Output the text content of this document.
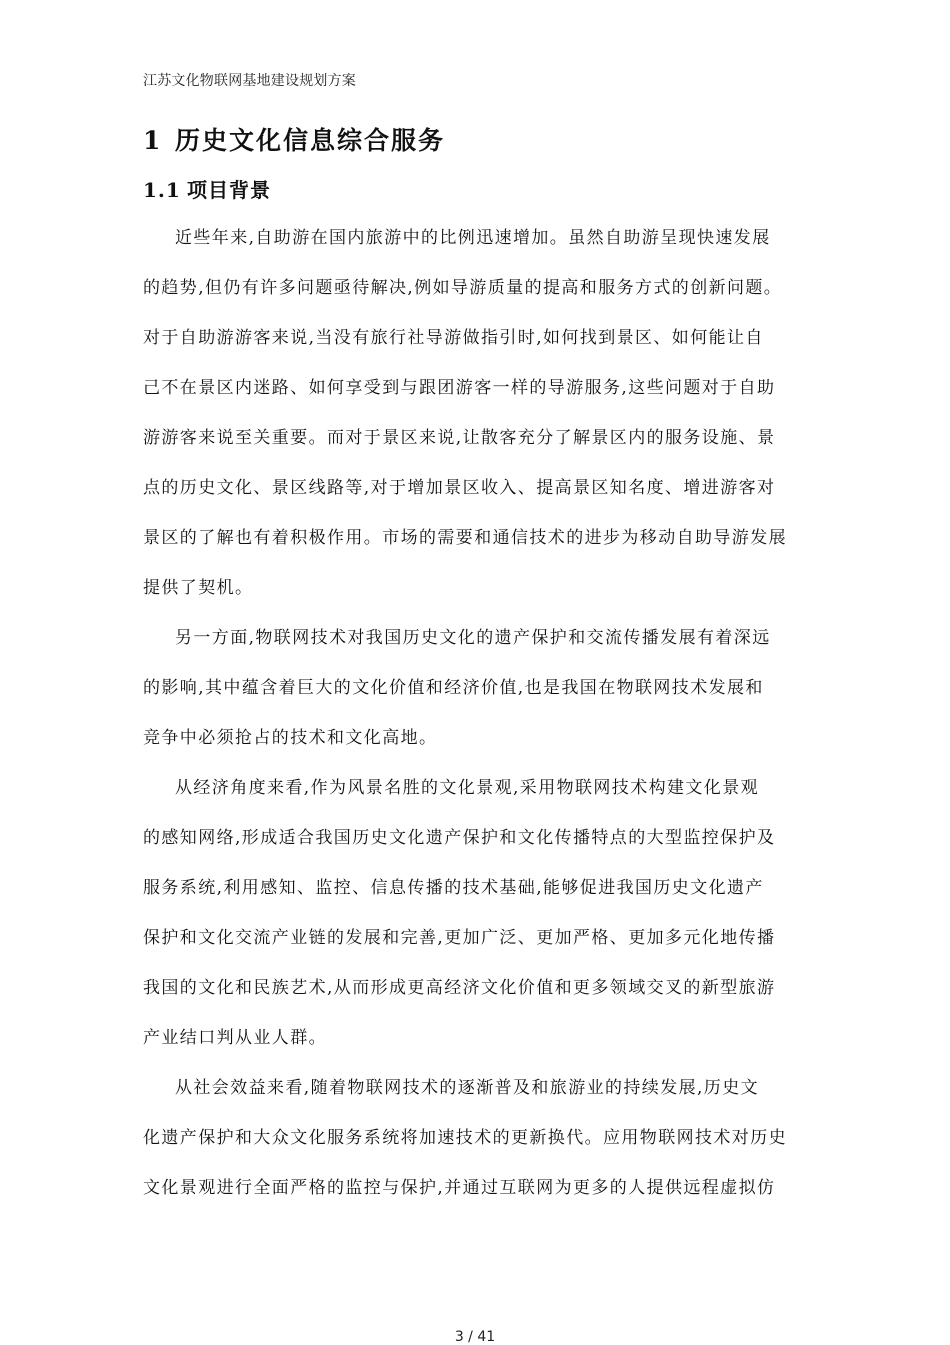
江苏文化物联网基地建设规划方案
1 历史文化信息综合服务
1.1 项目背景
近些年来,自助游在国内旅游中的比例迅速增加。虽然自助游呈现快速发展
的趋势,但仍有许多问题亟待解决,例如导游质量的提高和服务方式的创新问题。
对于自助游游客来说,当没有旅行社导游做指引时,如何找到景区、如何能让自
己不在景区内迷路、如何享受到与跟团游客一样的导游服务,这些问题对于自助
游游客来说至关重要。而对于景区来说,让散客充分了解景区内的服务设施、景
点的历史文化、景区线路等,对于增加景区收入、提高景区知名度、增进游客对
景区的了解也有着积极作用。市场的需要和通信技术的进步为移动自助导游发展
提供了契机。
另一方面,物联网技术对我国历史文化的遗产保护和交流传播发展有着深远
的影响,其中蕴含着巨大的文化价值和经济价值,也是我国在物联网技术发展和
竞争中必须抢占的技术和文化高地。
从经济角度来看,作为风景名胜的文化景观,采用物联网技术构建文化景观
的感知网络,形成适合我国历史文化遗产保护和文化传播特点的大型监控保护及
服务系统,利用感知、监控、信息传播的技术基础,能够促进我国历史文化遗产
保护和文化交流产业链的发展和完善,更加广泛、更加严格、更加多元化地传播
我国的文化和民族艺术,从而形成更高经济文化价值和更多领域交叉的新型旅游
产业结口判从业人群。
从社会效益来看,随着物联网技术的逐渐普及和旅游业的持续发展,历史文
化遗产保护和大众文化服务系统将加速技术的更新换代。应用物联网技术对历史
文化景观进行全面严格的监控与保护,并通过互联网为更多的人提供远程虚拟仿
3 / 41
